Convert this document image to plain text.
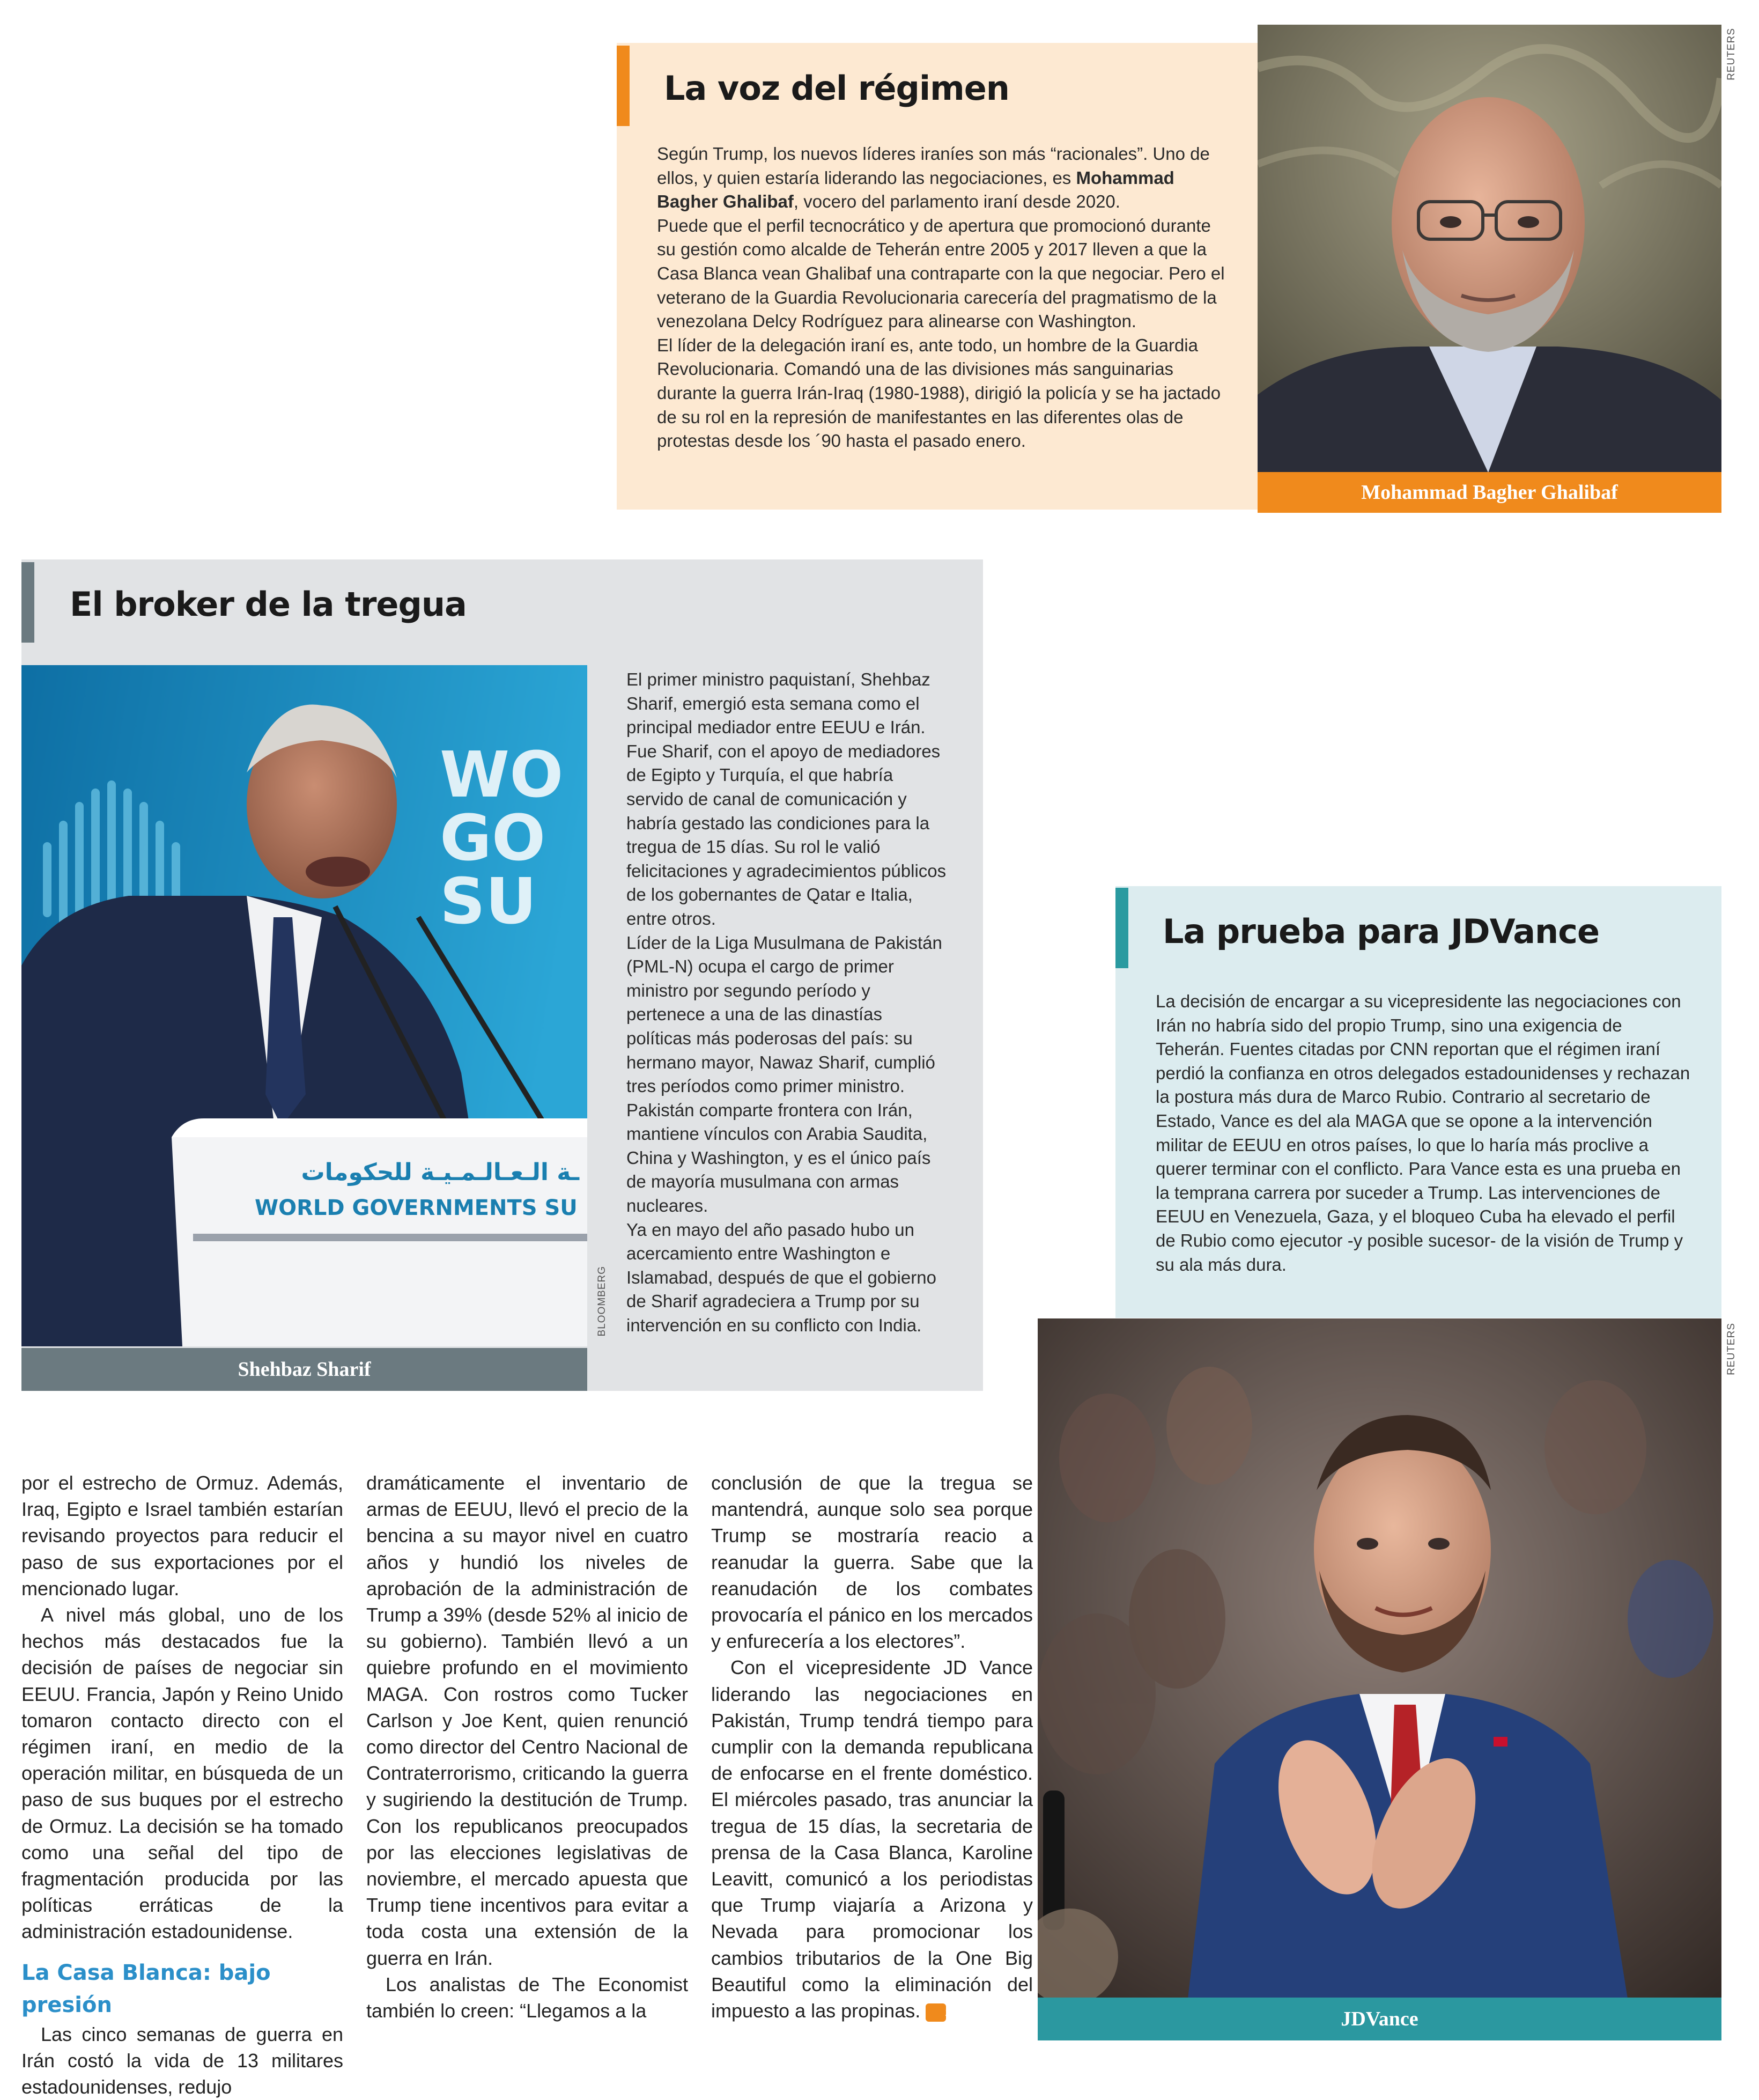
La voz del régimen

Según Trump, los nuevos líderes iraníes son más “racionales”. Uno de ellos, y quien estaría liderando las negociaciones, es Mohammad Bagher Ghalibaf, vocero del parlamento iraní desde 2020.

Puede que el perfil tecnocrático y de apertura que promocionó durante su gestión como alcalde de Teherán entre 2005 y 2017 lleven a que la Casa Blanca vean Ghalibaf una contraparte con la que negociar. Pero el veterano de la Guardia Revolucionaria carecería del pragmatismo de la venezolana Delcy Rodríguez para alinearse con Washington.

El líder de la delegación iraní es, ante todo, un hombre de la Guardia Revolucionaria. Comandó una de las divisiones más sanguinarias durante la guerra Irán-Iraq (1980-1988), dirigió la policía y se ha jactado de su rol en la represión de manifestantes en las diferentes olas de protestas desde los ´90 hasta el pasado enero.

Mohammad Bagher Ghalibaf
REUTERS
El broker de la tregua
WO GO SU
ـة الـعـالـمـيـة للحكومات
WORLD GOVERNMENTS SU
Shehbaz Sharif
BLOOMBERG

El primer ministro paquistaní, Shehbaz Sharif, emergió esta semana como el principal mediador entre EEUU e Irán. Fue Sharif, con el apoyo de mediadores de Egipto y Turquía, el que habría servido de canal de comunicación y habría gestado las condiciones para la tregua de 15 días. Su rol le valió felicitaciones y agradecimientos públicos de los gobernantes de Qatar e Italia, entre otros.

Líder de la Liga Musulmana de Pakistán (PML-N) ocupa el cargo de primer ministro por segundo período y pertenece a una de las dinastías políticas más poderosas del país: su hermano mayor, Nawaz Sharif, cumplió tres períodos como primer ministro.

Pakistán comparte frontera con Irán, mantiene vínculos con Arabia Saudita, China y Washington, y es el único país de mayoría musulmana con armas nucleares.

Ya en mayo del año pasado hubo un acercamiento entre Washington e Islamabad, después de que el gobierno de Sharif agradeciera a Trump por su intervención en su conflicto con India.

La prueba para JDVance

La decisión de encargar a su vicepresidente las negociaciones con Irán no habría sido del propio Trump, sino una exigencia de Teherán. Fuentes citadas por CNN reportan que el régimen iraní perdió la confianza en otros delegados estadounidenses y rechazan la postura más dura de Marco Rubio. Contrario al secretario de Estado, Vance es del ala MAGA que se opone a la intervención militar de EEUU en otros países, lo que lo haría más proclive a querer terminar con el conflicto. Para Vance esta es una prueba en la temprana carrera por suceder a Trump. Las intervenciones de EEUU en Venezuela, Gaza, y el bloqueo Cuba ha elevado el perfil de Rubio como ejecutor -y posible sucesor- de la visión de Trump y su ala más dura.

JDVance
REUTERS

por el estrecho de Ormuz. Además, Iraq, Egipto e Israel también estarían revisando proyectos para reducir el paso de sus exportaciones por el mencionado lugar.

A nivel más global, uno de los hechos más destacados fue la decisión de países de negociar sin EEUU. Francia, Japón y Reino Unido tomaron contacto directo con el régimen iraní, en medio de la operación militar, en búsqueda de un paso de sus buques por el estrecho de Ormuz. La decisión se ha tomado como una señal del tipo de fragmentación producida por las políticas erráticas de la administración estadounidense.

La Casa Blanca: bajo presión

Las cinco semanas de guerra en Irán costó la vida de 13 militares estadounidenses, redujo

dramáticamente el inventario de armas de EEUU, llevó el precio de la bencina a su mayor nivel en cuatro años y hundió los niveles de aprobación de la administración de Trump a 39% (desde 52% al inicio de su gobierno). También llevó a un quiebre profundo en el movimiento MAGA. Con rostros como Tucker Carlson y Joe Kent, quien renunció como director del Centro Nacional de Contraterrorismo, criticando la guerra y sugiriendo la destitución de Trump. Con los republicanos preocupados por las elecciones legislativas de noviembre, el mercado apuesta que Trump tiene incentivos para evitar a toda costa una extensión de la guerra en Irán.

Los analistas de The Economist también lo creen: “Llegamos a la

conclusión de que la tregua se mantendrá, aunque solo sea porque Trump se mostraría reacio a reanudar la guerra. Sabe que la reanudación de los combates provocaría el pánico en los mercados y enfurecería a los electores”.

Con el vicepresidente JD Vance liderando las negociaciones en Pakistán, Trump tendrá tiempo para cumplir con la demanda republicana de enfocarse en el frente doméstico. El miércoles pasado, tras anunciar la tregua de 15 días, la secretaria de prensa de la Casa Blanca, Karoline Leavitt, comunicó a los periodistas que Trump viajaría a Arizona y Nevada para promocionar los cambios tributarios de la One Big Beautiful como la eliminación del impuesto a las propinas. S
